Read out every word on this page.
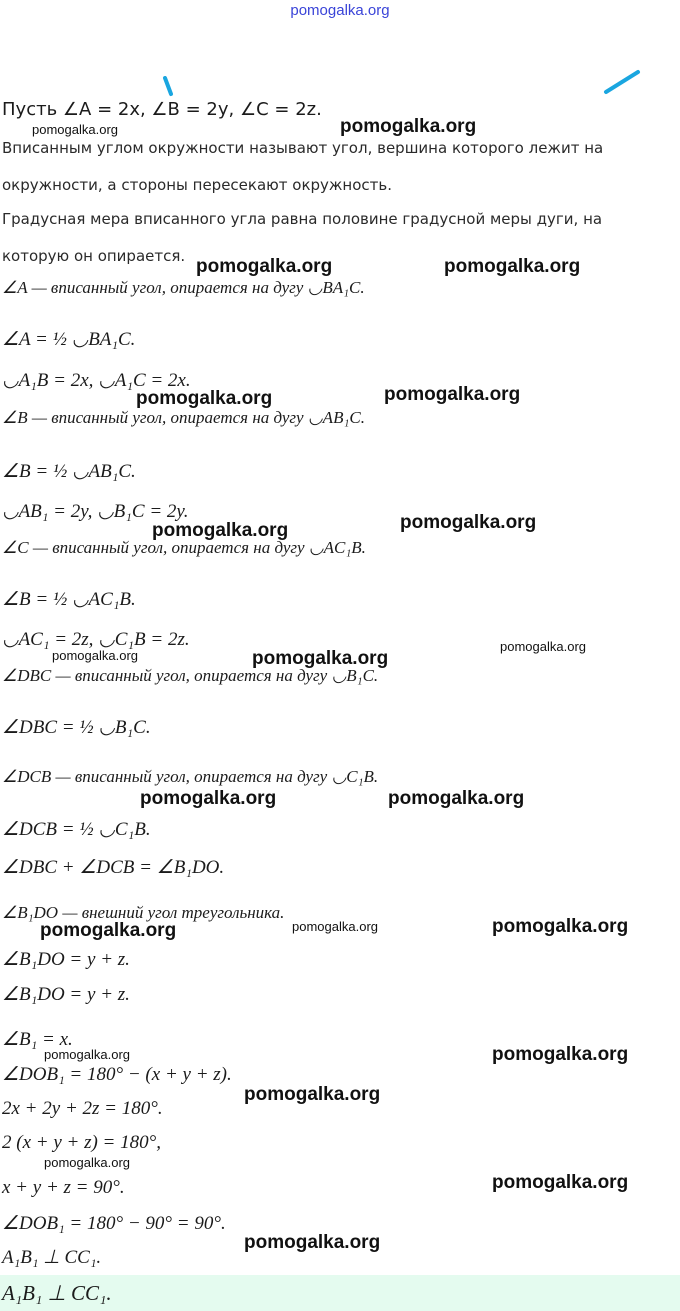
pomogalka.org
Пусть ∠A = 2x, ∠B = 2y, ∠C = 2z.
Вписанным углом окружности называют угол, вершина которого лежит на окружности, а стороны пересекают окружность.
Градусная мера вписанного угла равна половине градусной меры дуги, на которую он опирается.
∠A — вписанный угол, опирается на дугу ◡BA₁C.
∠A = ½ ◡BA₁C.
◡A₁B = 2x, ◡A₁C = 2x.
∠B — вписанный угол, опирается на дугу ◡AB₁C.
∠B = ½ ◡AB₁C.
◡AB₁ = 2y, ◡B₁C = 2y.
∠C — вписанный угол, опирается на дугу ◡AC₁B.
∠B = ½ ◡AC₁B.
◡AC₁ = 2z, ◡C₁B = 2z.
∠DBC — вписанный угол, опирается на дугу ◡B₁C.
∠DBC = ½ ◡B₁C.
∠DCB — вписанный угол, опирается на дугу ◡C₁B.
∠DCB = ½ ◡C₁B.
∠DBC + ∠DCB = ∠B₁DO.
∠B₁DO — внешний угол треугольника.
∠B₁DO = y + z.
∠B₁DO = y + z.
∠B₁ = x.
∠DOB₁ = 180° − (x + y + z).
2x + 2y + 2z = 180°.
2 (x + y + z) = 180°,
x + y + z = 90°.
∠DOB₁ = 180° − 90° = 90°.
A₁B₁ ⊥ CC₁.
A₁B₁ ⊥ CC₁.
pomogalka.org	pomogalka.org
pomogalka.org	pomogalka.org
pomogalka.org	pomogalka.org
pomogalka.org	pomogalka.org
pomogalka.org	pomogalka.org
pomogalka.org
pomogalka.org	pomogalka.org
pomogalka.org	pomogalka.org	pomogalka.org
pomogalka.org	pomogalka.org
pomogalka.org
pomogalka.org
pomogalka.org
pomogalka.org
